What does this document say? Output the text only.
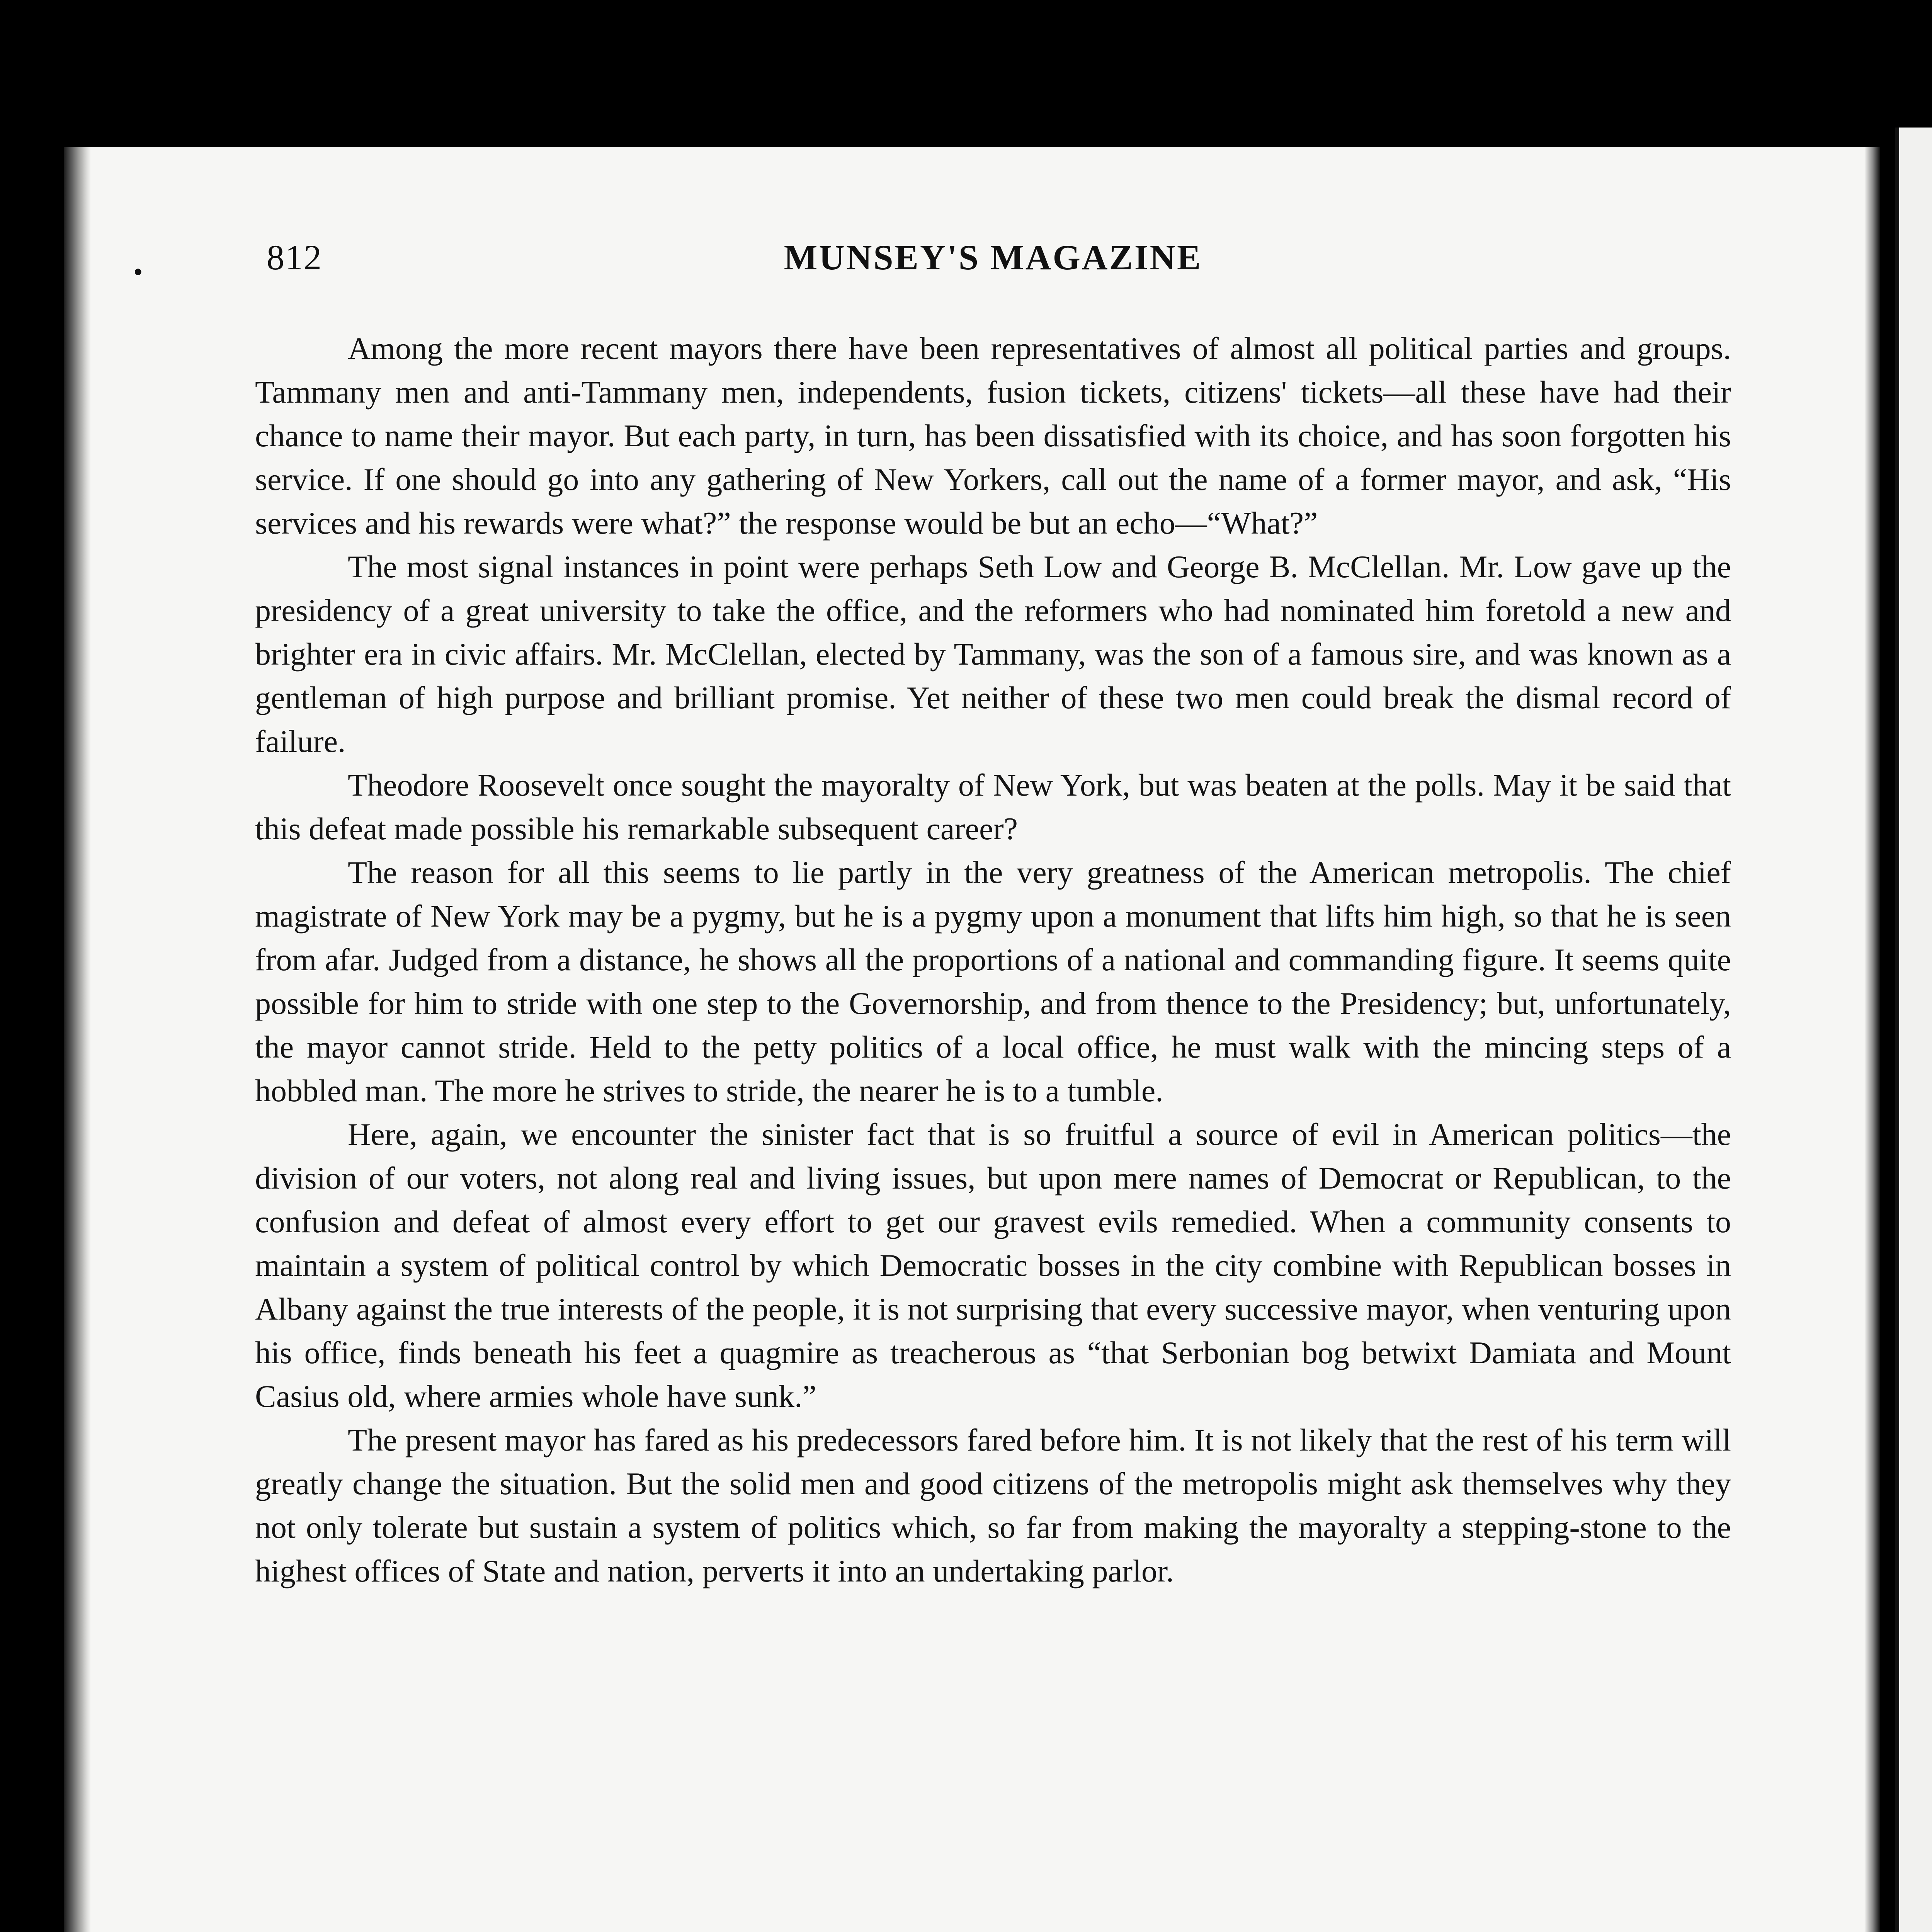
•	812	MUNSEY'S MAGAZINE

Among the more recent mayors there have been representatives of almost all political parties and groups. Tammany men and anti-Tammany men, independents, fusion tickets, citizens' tickets—all these have had their chance to name their mayor. But each party, in turn, has been dissatisfied with its choice, and has soon forgotten his service. If one should go into any gathering of New Yorkers, call out the name of a former mayor, and ask, “His services and his rewards were what?” the response would be but an echo—“What?”

The most signal instances in point were perhaps Seth Low and George B. McClellan. Mr. Low gave up the presidency of a great university to take the office, and the reformers who had nominated him foretold a new and brighter era in civic affairs. Mr. McClellan, elected by Tammany, was the son of a famous sire, and was known as a gentleman of high purpose and brilliant promise. Yet neither of these two men could break the dismal record of failure.

Theodore Roosevelt once sought the mayoralty of New York, but was beaten at the polls. May it be said that this defeat made possible his remarkable subsequent career?

The reason for all this seems to lie partly in the very greatness of the American metropolis. The chief magistrate of New York may be a pygmy, but he is a pygmy upon a monument that lifts him high, so that he is seen from afar. Judged from a distance, he shows all the proportions of a national and commanding figure. It seems quite possible for him to stride with one step to the Governorship, and from thence to the Presidency; but, unfortunately, the mayor cannot stride. Held to the petty politics of a local office, he must walk with the mincing steps of a hobbled man. The more he strives to stride, the nearer he is to a tumble.

Here, again, we encounter the sinister fact that is so fruitful a source of evil in American politics—the division of our voters, not along real and living issues, but upon mere names of Democrat or Republican, to the confusion and defeat of almost every effort to get our gravest evils remedied. When a community consents to maintain a system of political control by which Democratic bosses in the city combine with Republican bosses in Albany against the true interests of the people, it is not surprising that every successive mayor, when venturing upon his office, finds beneath his feet a quagmire as treacherous as “that Serbonian bog betwixt Damiata and Mount Casius old, where armies whole have sunk.”

The present mayor has fared as his predecessors fared before him. It is not likely that the rest of his term will greatly change the situation. But the solid men and good citizens of the metropolis might ask themselves why they not only tolerate but sustain a system of politics which, so far from making the mayoralty a stepping-stone to the highest offices of State and nation, perverts it into an undertaking parlor.
